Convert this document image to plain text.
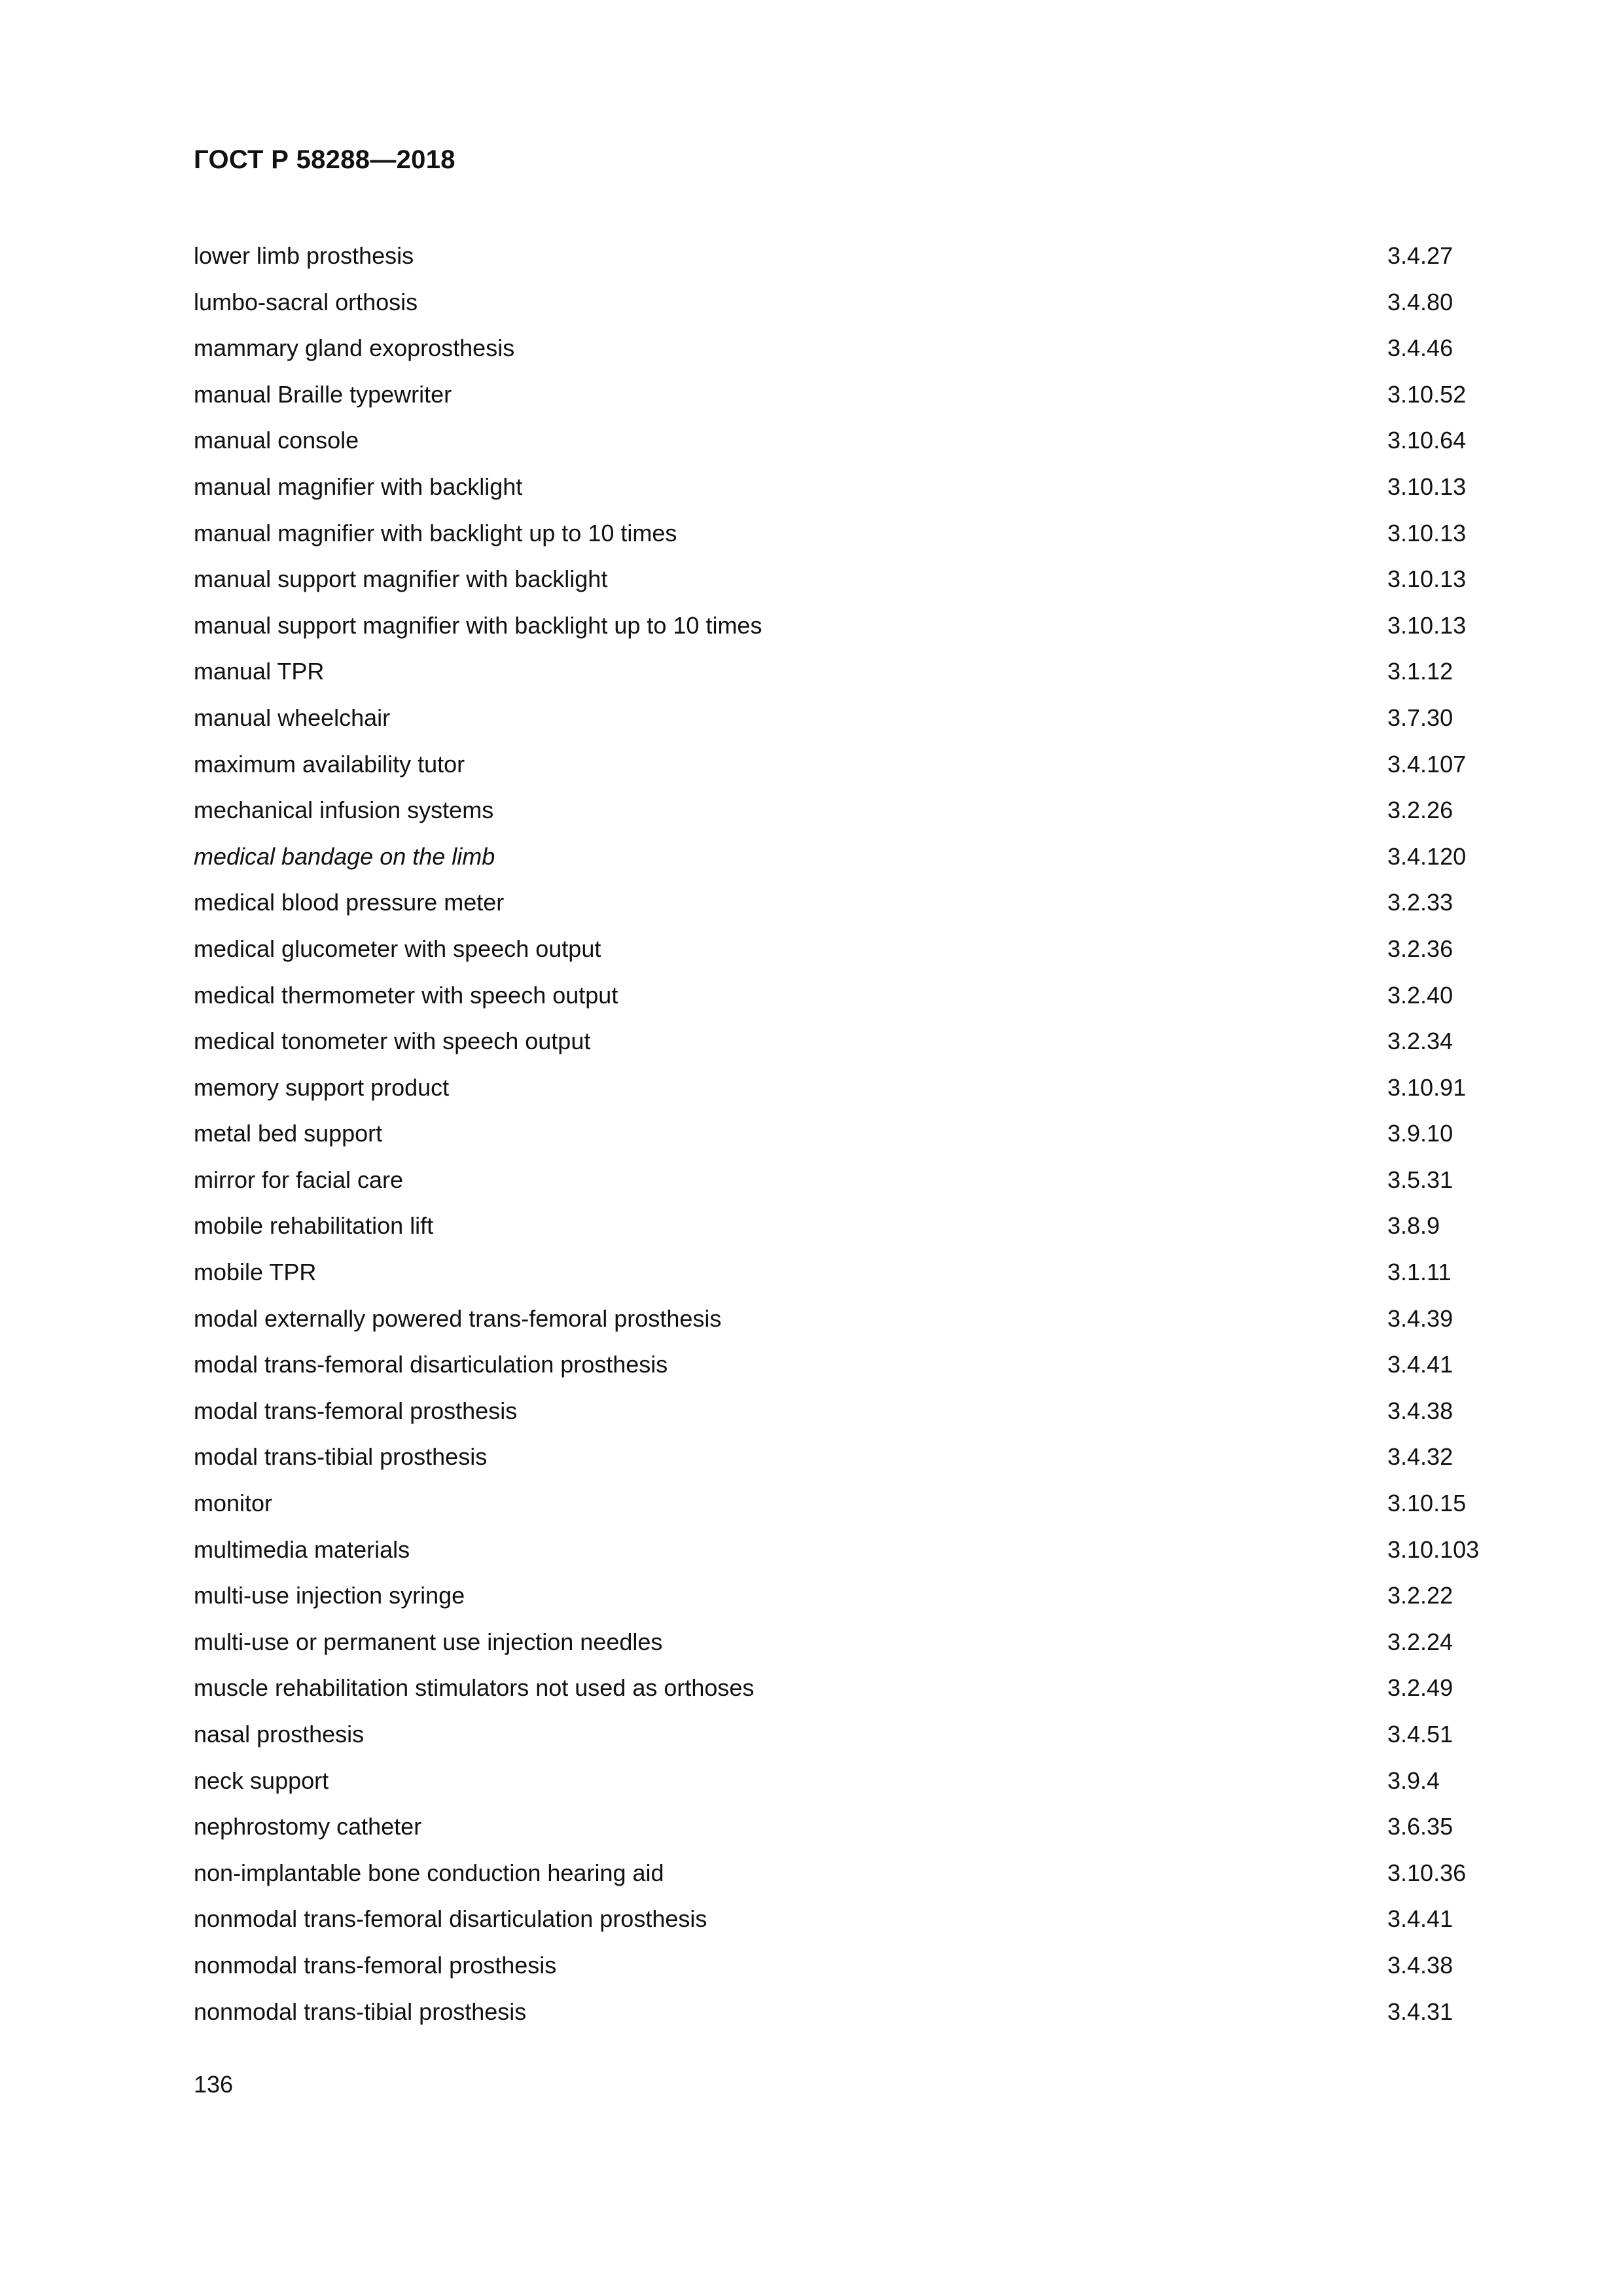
ГОСТ Р 58288—2018
lower limb prosthesis	3.4.27
lumbo-sacral orthosis	3.4.80
mammary gland exoprosthesis	3.4.46
manual Braille typewriter	3.10.52
manual console	3.10.64
manual magnifier with backlight	3.10.13
manual magnifier with backlight up to 10 times	3.10.13
manual support magnifier with backlight	3.10.13
manual support magnifier with backlight up to 10 times	3.10.13
manual TPR	3.1.12
manual wheelchair	3.7.30
maximum availability tutor	3.4.107
mechanical infusion systems	3.2.26
medical bandage on the limb	3.4.120
medical blood pressure meter	3.2.33
medical glucometer with speech output	3.2.36
medical thermometer with speech output	3.2.40
medical tonometer with speech output	3.2.34
memory support product	3.10.91
metal bed support	3.9.10
mirror for facial care	3.5.31
mobile rehabilitation lift	3.8.9
mobile TPR	3.1.11
modal externally powered trans-femoral prosthesis	3.4.39
modal trans-femoral disarticulation prosthesis	3.4.41
modal trans-femoral prosthesis	3.4.38
modal trans-tibial prosthesis	3.4.32
monitor	3.10.15
multimedia materials	3.10.103
multi-use injection syringe	3.2.22
multi-use or permanent use injection needles	3.2.24
muscle rehabilitation stimulators not used as orthoses	3.2.49
nasal prosthesis	3.4.51
neck support	3.9.4
nephrostomy catheter	3.6.35
non-implantable bone conduction hearing aid	3.10.36
nonmodal trans-femoral disarticulation prosthesis	3.4.41
nonmodal trans-femoral prosthesis	3.4.38
nonmodal trans-tibial prosthesis	3.4.31
136
